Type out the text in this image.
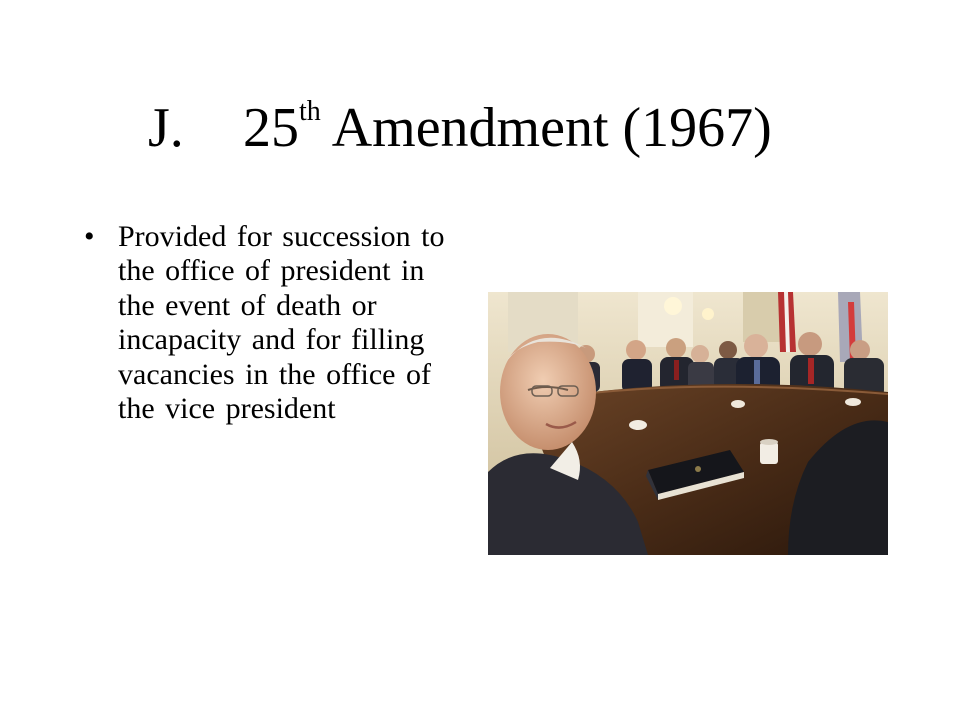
J. 25th Amendment (1967)
• Provided for succession to the office of president in the event of death or incapacity and for filling vacancies in the office of the vice president
